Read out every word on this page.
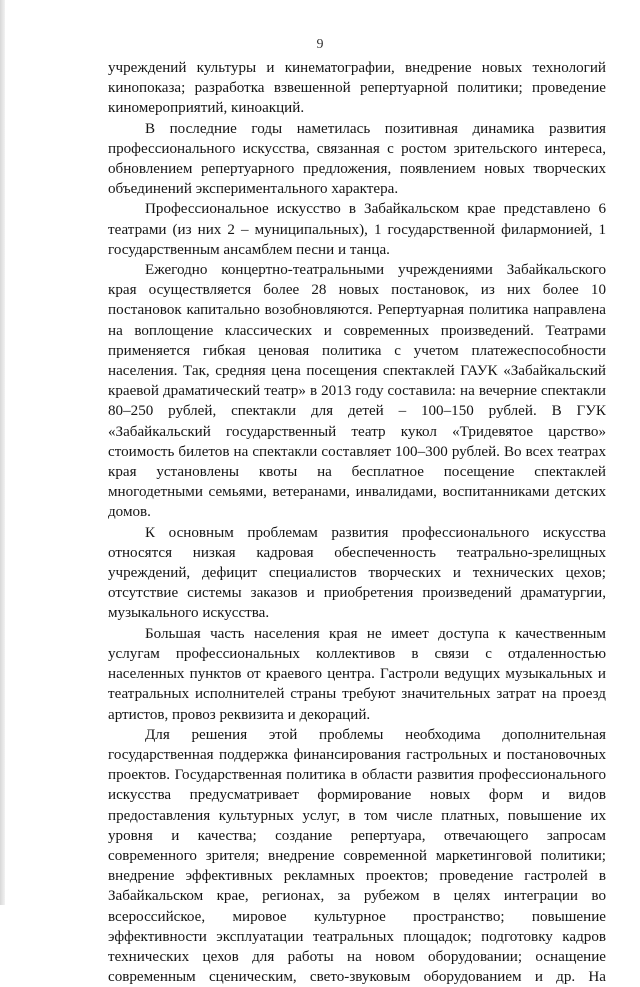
9

учреждений культуры и кинематографии, внедрение новых технологий кинопоказа; разработка взвешенной репертуарной политики; проведение киномероприятий, киноакций.

В последние годы наметилась позитивная динамика развития профессионального искусства, связанная с ростом зрительского интереса, обновлением репертуарного предложения, появлением новых творческих объединений экспериментального характера.

Профессиональное искусство в Забайкальском крае представлено 6 театрами (из них 2 – муниципальных), 1 государственной филармонией, 1 государственным ансамблем песни и танца.

Ежегодно концертно-театральными учреждениями Забайкальского края осуществляется более 28 новых постановок, из них более 10 постановок капитально возобновляются. Репертуарная политика направлена на воплощение классических и современных произведений. Театрами применяется гибкая ценовая политика с учетом платежеспособности населения. Так, средняя цена посещения спектаклей ГАУК «Забайкальский краевой драматический театр» в 2013 году составила: на вечерние спектакли 80–250 рублей, спектакли для детей – 100–150 рублей. В ГУК «Забайкальский государственный театр кукол «Тридевятое царство» стоимость билетов на спектакли составляет 100–300 рублей. Во всех театрах края установлены квоты на бесплатное посещение спектаклей многодетными семьями, ветеранами, инвалидами, воспитанниками детских домов.

К основным проблемам развития профессионального искусства относятся низкая кадровая обеспеченность театрально-зрелищных учреждений, дефицит специалистов творческих и технических цехов; отсутствие системы заказов и приобретения произведений драматургии, музыкального искусства.

Большая часть населения края не имеет доступа к качественным услугам профессиональных коллективов в связи с отдаленностью населенных пунктов от краевого центра. Гастроли ведущих музыкальных и театральных исполнителей страны требуют значительных затрат на проезд артистов, провоз реквизита и декораций.

Для решения этой проблемы необходима дополнительная государственная поддержка финансирования гастрольных и постановочных проектов. Государственная политика в области развития профессионального искусства предусматривает формирование новых форм и видов предоставления культурных услуг, в том числе платных, повышение их уровня и качества; создание репертуара, отвечающего запросам современного зрителя; внедрение современной маркетинговой политики; внедрение эффективных рекламных проектов; проведение гастролей в Забайкальском крае, регионах, за рубежом в целях интеграции во всероссийское, мировое культурное пространство; повышение эффективности эксплуатации театральных площадок; подготовку кадров технических цехов для работы на новом оборудовании; оснащение современным сценическим, свето-звуковым оборудованием и др. На
